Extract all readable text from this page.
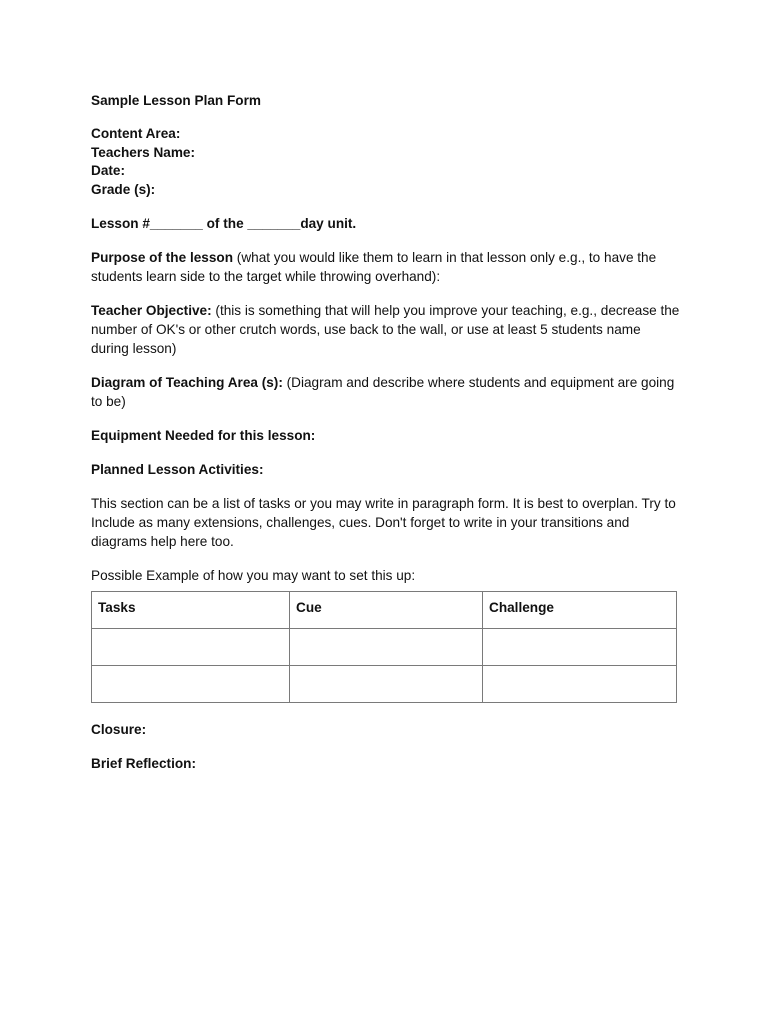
Sample Lesson Plan Form

Content Area:
Teachers Name:
Date:
Grade (s):

Lesson #_______ of the _______day unit.

Purpose of the lesson (what you would like them to learn in that lesson only e.g., to have the students learn side to the target while throwing overhand):

Teacher Objective: (this is something that will help you improve your teaching, e.g., decrease the number of OK's or other crutch words, use back to the wall, or use at least 5 students name during lesson)

Diagram of Teaching Area (s): (Diagram and describe where students and equipment are going to be)

Equipment Needed for this lesson:

Planned Lesson Activities:

This section can be a list of tasks or you may write in paragraph form. It is best to overplan. Try to Include as many extensions, challenges, cues. Don't forget to write in your transitions and diagrams help here too.

Possible Example of how you may want to set this up:

Tasks	Cue	Challenge

Closure:

Brief Reflection:
